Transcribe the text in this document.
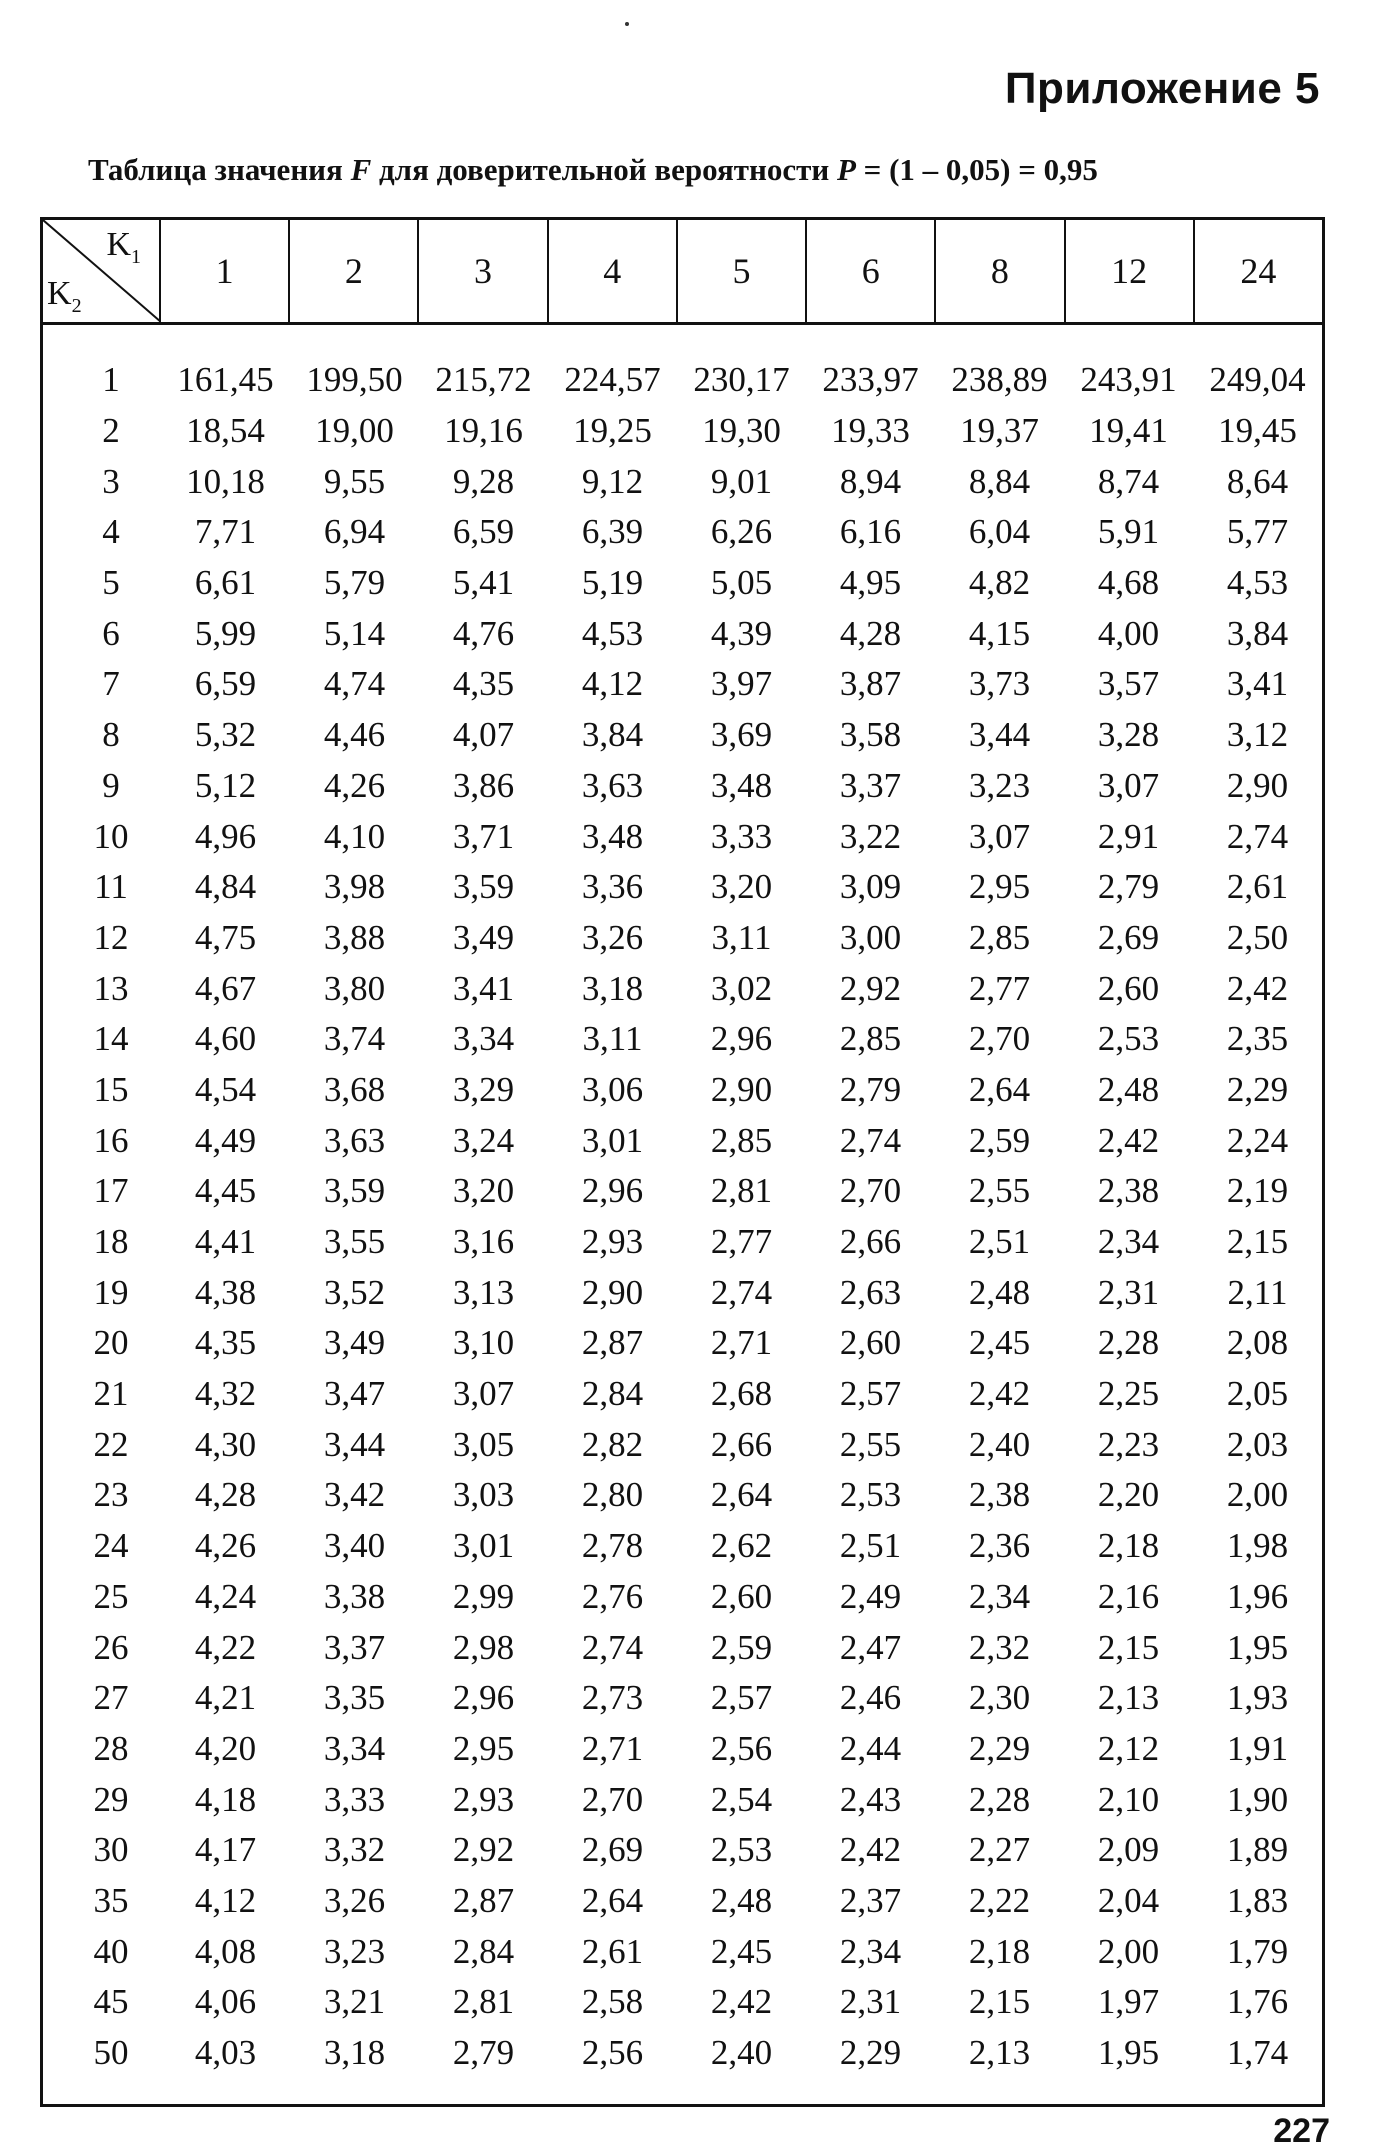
Приложение 5
Таблица значения F для доверительной вероятности P = (1 – 0,05) = 0,95
$K_1$
$K_2$
1	2	3	4	5	6	8	12	24
1	161,45 199,50 215,72 224,57 230,17 233,97 238,89 243,91 249,04
2	18,54	19,00	19,16	19,25	19,30	19,33	19,37	19,41	19,45
3	10,18	9,55	9,28	9,12	9,01	8,94	8,84	8,74	8,64
4	7,71	6,94	6,59	6,39	6,26	6,16	6,04	5,91	5,77
5	6,61	5,79	5,41	5,19	5,05	4,95	4,82	4,68	4,53
6	5,99	5,14	4,76	4,53	4,39	4,28	4,15	4,00	3,84
7	6,59	4,74	4,35	4,12	3,97	3,87	3,73	3,57	3,41
8	5,32	4,46	4,07	3,84	3,69	3,58	3,44	3,28	3,12
9	5,12	4,26	3,86	3,63	3,48	3,37	3,23	3,07	2,90
10	4,96	4,10	3,71	3,48	3,33	3,22	3,07	2,91	2,74
11	4,84	3,98	3,59	3,36	3,20	3,09	2,95	2,79	2,61
12	4,75	3,88	3,49	3,26	3,11	3,00	2,85	2,69	2,50
13	4,67	3,80	3,41	3,18	3,02	2,92	2,77	2,60	2,42
14	4,60	3,74	3,34	3,11	2,96	2,85	2,70	2,53	2,35
15	4,54	3,68	3,29	3,06	2,90	2,79	2,64	2,48	2,29
16	4,49	3,63	3,24	3,01	2,85	2,74	2,59	2,42	2,24
17	4,45	3,59	3,20	2,96	2,81	2,70	2,55	2,38	2,19
18	4,41	3,55	3,16	2,93	2,77	2,66	2,51	2,34	2,15
19	4,38	3,52	3,13	2,90	2,74	2,63	2,48	2,31	2,11
20	4,35	3,49	3,10	2,87	2,71	2,60	2,45	2,28	2,08
21	4,32	3,47	3,07	2,84	2,68	2,57	2,42	2,25	2,05
22	4,30	3,44	3,05	2,82	2,66	2,55	2,40	2,23	2,03
23	4,28	3,42	3,03	2,80	2,64	2,53	2,38	2,20	2,00
24	4,26	3,40	3,01	2,78	2,62	2,51	2,36	2,18	1,98
25	4,24	3,38	2,99	2,76	2,60	2,49	2,34	2,16	1,96
26	4,22	3,37	2,98	2,74	2,59	2,47	2,32	2,15	1,95
27	4,21	3,35	2,96	2,73	2,57	2,46	2,30	2,13	1,93
28	4,20	3,34	2,95	2,71	2,56	2,44	2,29	2,12	1,91
29	4,18	3,33	2,93	2,70	2,54	2,43	2,28	2,10	1,90
30	4,17	3,32	2,92	2,69	2,53	2,42	2,27	2,09	1,89
35	4,12	3,26	2,87	2,64	2,48	2,37	2,22	2,04	1,83
40	4,08	3,23	2,84	2,61	2,45	2,34	2,18	2,00	1,79
45	4,06	3,21	2,81	2,58	2,42	2,31	2,15	1,97	1,76
50	4,03	3,18	2,79	2,56	2,40	2,29	2,13	1,95	1,74
227
